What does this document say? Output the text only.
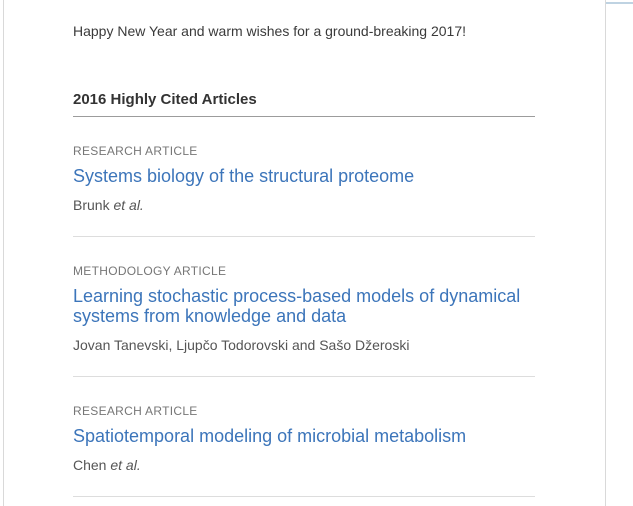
Happy New Year and warm wishes for a ground-breaking 2017!

2016 Highly Cited Articles
RESEARCH ARTICLE
Systems biology of the structural proteome
Brunk et al.
METHODOLOGY ARTICLE
Learning stochastic process-based models of dynamical systems from knowledge and data
Jovan Tanevski, Ljupčo Todorovski and Sašo Džeroski
RESEARCH ARTICLE
Spatiotemporal modeling of microbial metabolism
Chen et al.
